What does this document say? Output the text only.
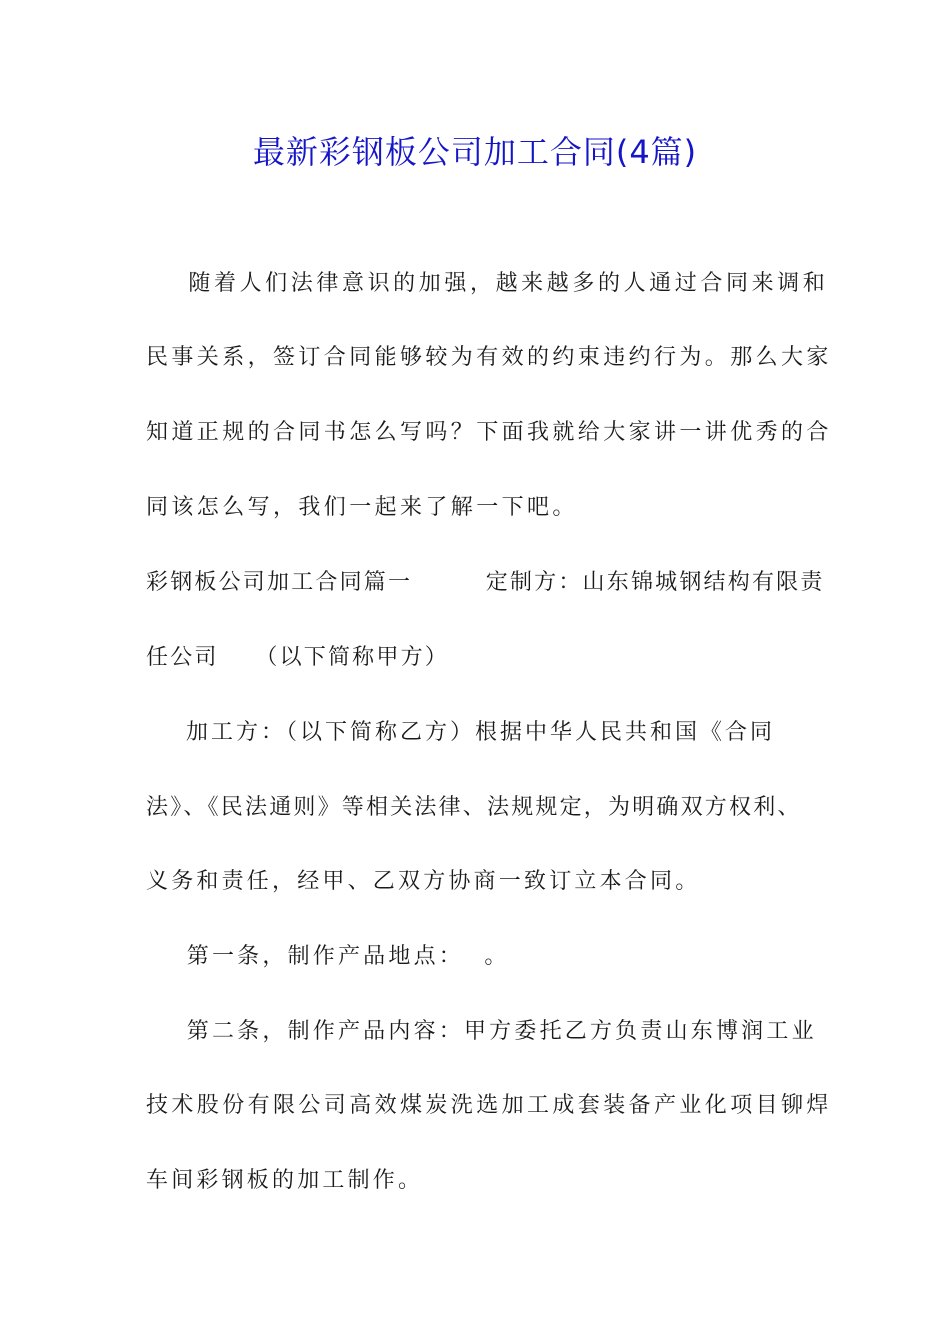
最新彩钢板公司加工合同(4篇)
随着人们法律意识的加强，越来越多的人通过合同来调和
民事关系，签订合同能够较为有效的约束违约行为。那么大家
知道正规的合同书怎么写吗？下面我就给大家讲一讲优秀的合
同该怎么写，我们一起来了解一下吧。
彩钢板公司加工合同篇一        定制方：山东锦城钢结构有限责
任公司    （以下简称甲方）
加工方：（以下简称乙方）根据中华人民共和国《合同
法》、《民法通则》等相关法律、法规规定，为明确双方权利、
义务和责任，经甲、乙双方协商一致订立本合同。
第一条，制作产品地点：  。
第二条，制作产品内容：甲方委托乙方负责山东博润工业
技术股份有限公司高效煤炭洗选加工成套装备产业化项目铆焊
车间彩钢板的加工制作。
